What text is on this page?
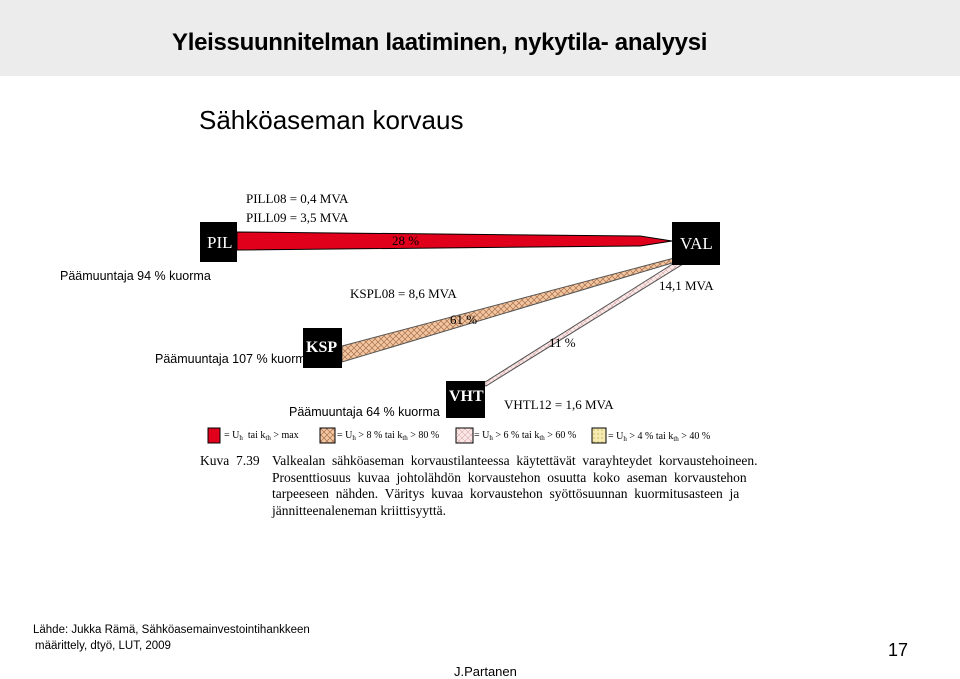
Yleissuunnitelman laatiminen, nykytila- analyysi
Sähköaseman korvaus
PIL	VAL
KSP
VHT
PILL08 = 0,4 MVA
PILL09 = 3,5 MVA
28 %
Päämuuntaja 94 % kuorma
KSPL08 = 8,6 MVA
14,1 MVA
61 %
Päämuuntaja 107 % kuorma
11 %
Päämuuntaja 64 % kuorma	VHTL12 = 1,6 MVA
= $U_h$ tai $k_{th} > \max$	= $U_h > 8$ % tai $k_{th} > 80$ %	= $U_h > 6$ % tai $k_{th} > 60$ %	= $U_h > 4$ % tai $k_{th} > 40$ %
Kuva  7.39 Valkealan  sähköaseman  korvaustilanteessa  käytettävät  varayhteydet  korvaustehoineen.
Prosenttiosuus  kuvaa  johtolähdön  korvaustehon  osuutta  koko  aseman  korvaustehon
tarpeeseen  nähden.  Väritys  kuvaa  korvaustehon  syöttösuunnan  kuormitusasteen  ja
jännitteenaleneman kriittisyyttä.
Lähde: Jukka Rämä, Sähköasemainvestointihankkeen
määrittely, dtyö, LUT, 2009	17
J.Partanen
